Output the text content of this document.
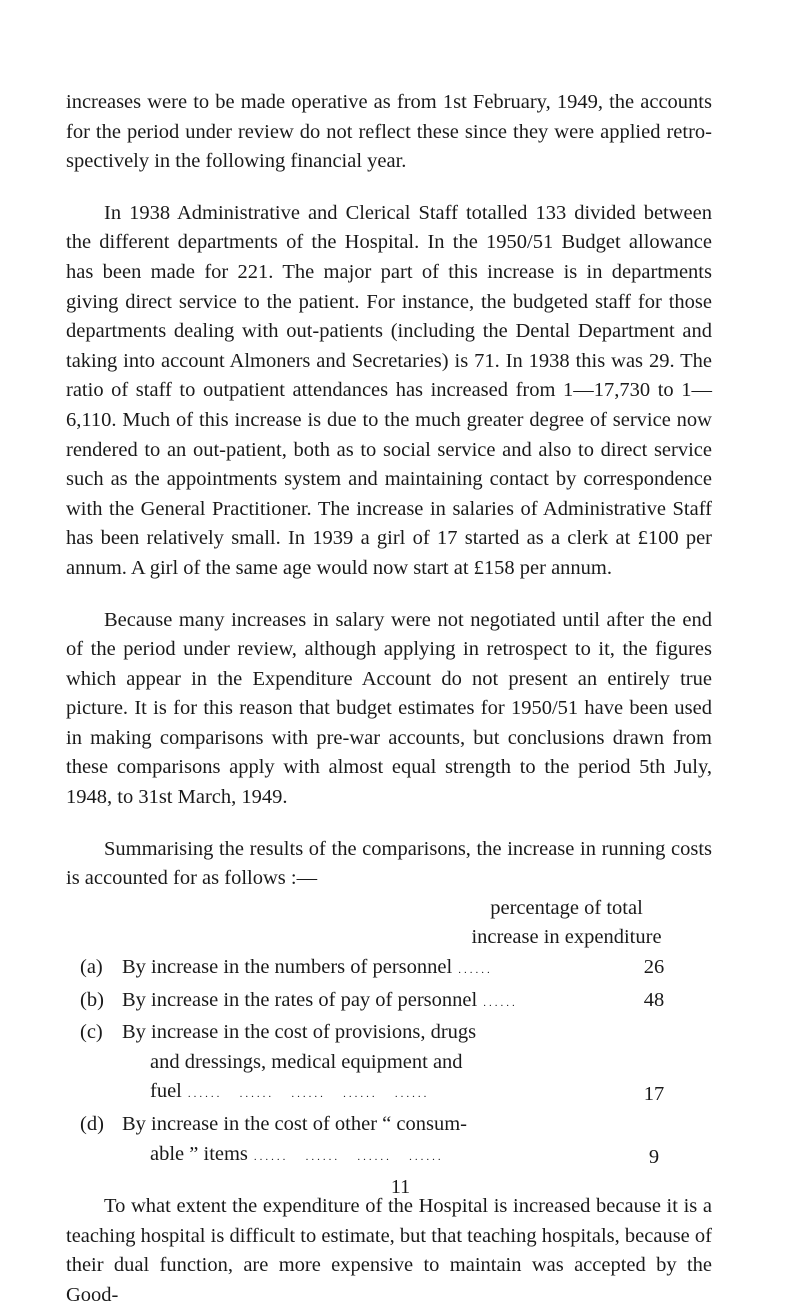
increases were to be made operative as from 1st February, 1949, the accounts for the period under review do not reflect these since they were applied retrospectively in the following financial year.

In 1938 Administrative and Clerical Staff totalled 133 divided between the different departments of the Hospital. In the 1950/51 Budget allowance has been made for 221. The major part of this increase is in departments giving direct service to the patient. For instance, the budgeted staff for those departments dealing with out-patients (including the Dental Department and taking into account Almoners and Secretaries) is 71. In 1938 this was 29. The ratio of staff to outpatient attendances has increased from 1—17,730 to 1—6,110. Much of this increase is due to the much greater degree of service now rendered to an out-patient, both as to social service and also to direct service such as the appointments system and maintaining contact by correspondence with the General Practitioner. The increase in salaries of Administrative Staff has been relatively small. In 1939 a girl of 17 started as a clerk at £100 per annum. A girl of the same age would now start at £158 per annum.

Because many increases in salary were not negotiated until after the end of the period under review, although applying in retrospect to it, the figures which appear in the Expenditure Account do not present an entirely true picture. It is for this reason that budget estimates for 1950/51 have been used in making comparisons with pre-war accounts, but conclusions drawn from these comparisons apply with almost equal strength to the period 5th July, 1948, to 31st March, 1949.

Summarising the results of the comparisons, the increase in running costs is accounted for as follows :—

percentage of total
increase in expenditure
(a) By increase in the numbers of personnel ......	26
(b) By increase in the rates of pay of personnel ......	48
(c) By increase in the cost of provisions, drugs
and dressings, medical equipment and
fuel ......   ......   ......   ......   ......	17
(d) By increase in the cost of other “ consum-
able ” items ......   ......   ......   ......	9

To what extent the expenditure of the Hospital is increased because it is a teaching hospital is difficult to estimate, but that teaching hospitals, because of their dual function, are more expensive to maintain was accepted by the Good-

11
